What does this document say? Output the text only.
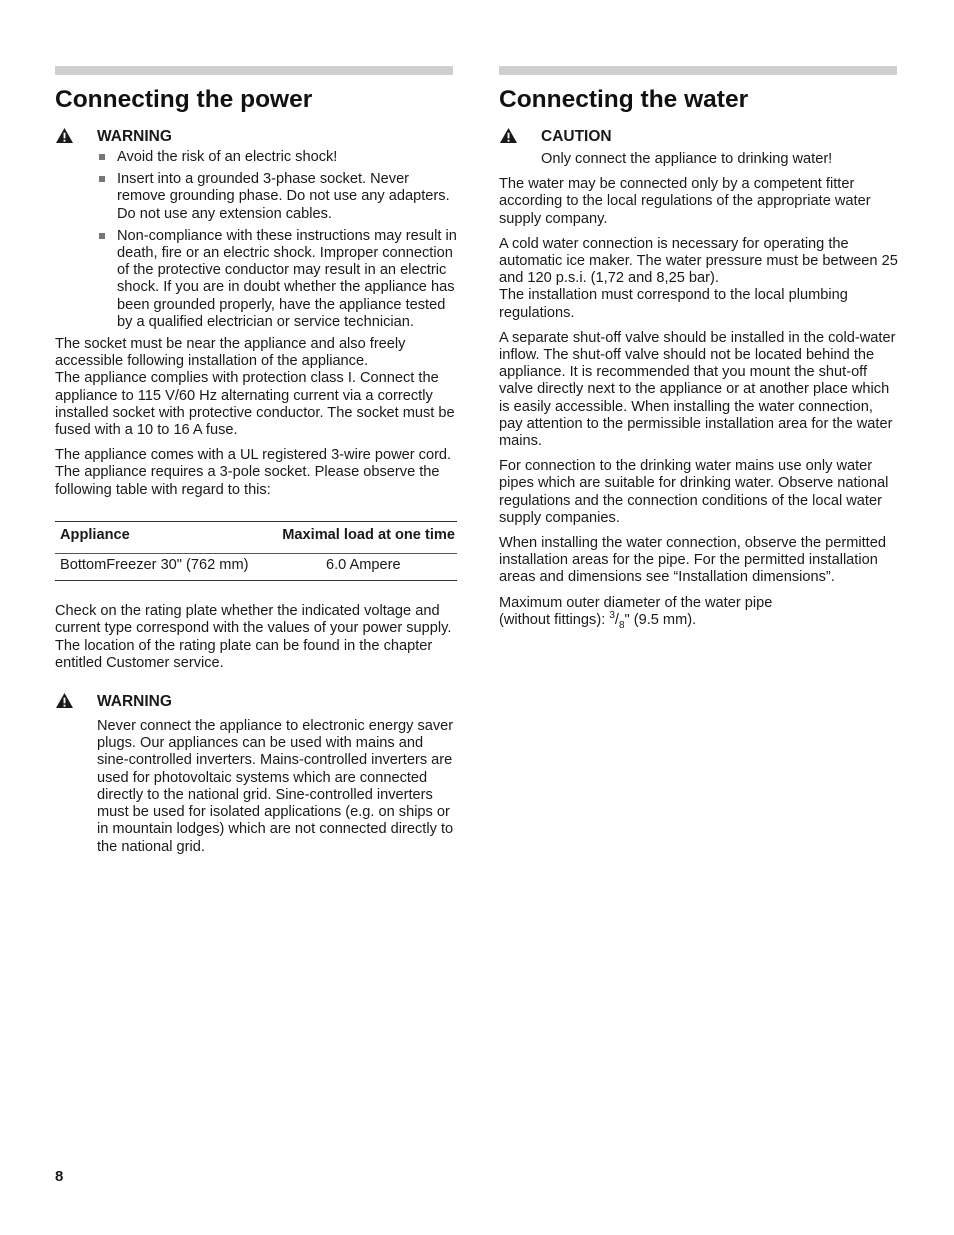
Connecting the power
WARNING
Avoid the risk of an electric shock!
Insert into a grounded 3-phase socket. Never remove grounding phase. Do not use any adapters. Do not use any extension cables.
Non-compliance with these instructions may result in death, fire or an electric shock. Improper connection of the protective conductor may result in an electric shock. If you are in doubt whether the appliance has been grounded properly, have the appliance tested by a qualified electrician or service technician.

The socket must be near the appliance and also freely accessible following installation of the appliance.

The appliance complies with protection class I. Connect the appliance to 115 V/60 Hz alternating current via a correctly installed socket with protective conductor. The socket must be fused with a 10 to 16 A fuse.

The appliance comes with a UL registered 3-wire power cord. The appliance requires a 3-pole socket. Please observe the following table with regard to this:

Appliance	Maximal load at one time
BottomFreezer 30" (762 mm)	6.0 Ampere

Check on the rating plate whether the indicated voltage and current type correspond with the values of your power supply. The location of the rating plate can be found in the chapter entitled Customer service.

WARNING

Never connect the appliance to electronic energy saver plugs. Our appliances can be used with mains and sine-controlled inverters. Mains-controlled inverters are used for photovoltaic systems which are connected directly to the national grid. Sine-controlled inverters must be used for isolated applications (e.g. on ships or in mountain lodges) which are not connected directly to the national grid.

Connecting the water
CAUTION

Only connect the appliance to drinking water!

The water may be connected only by a competent fitter according to the local regulations of the appropriate water supply company.

A cold water connection is necessary for operating the automatic ice maker. The water pressure must be between 25 and 120 p.s.i. (1,72 and 8,25 bar).

The installation must correspond to the local plumbing regulations.

A separate shut-off valve should be installed in the cold-water inflow. The shut-off valve should not be located behind the appliance. It is recommended that you mount the shut-off valve directly next to the appliance or at another place which is easily accessible. When installing the water connection, pay attention to the permissible installation area for the water mains.

For connection to the drinking water mains use only water pipes which are suitable for drinking water. Observe national regulations and the connection conditions of the local water supply companies.

When installing the water connection, observe the permitted installation areas for the pipe. For the permitted installation areas and dimensions see “Installation dimensions”.

Maximum outer diameter of the water pipe
(without fittings): $^3/_8$" (9.5 mm).

8
